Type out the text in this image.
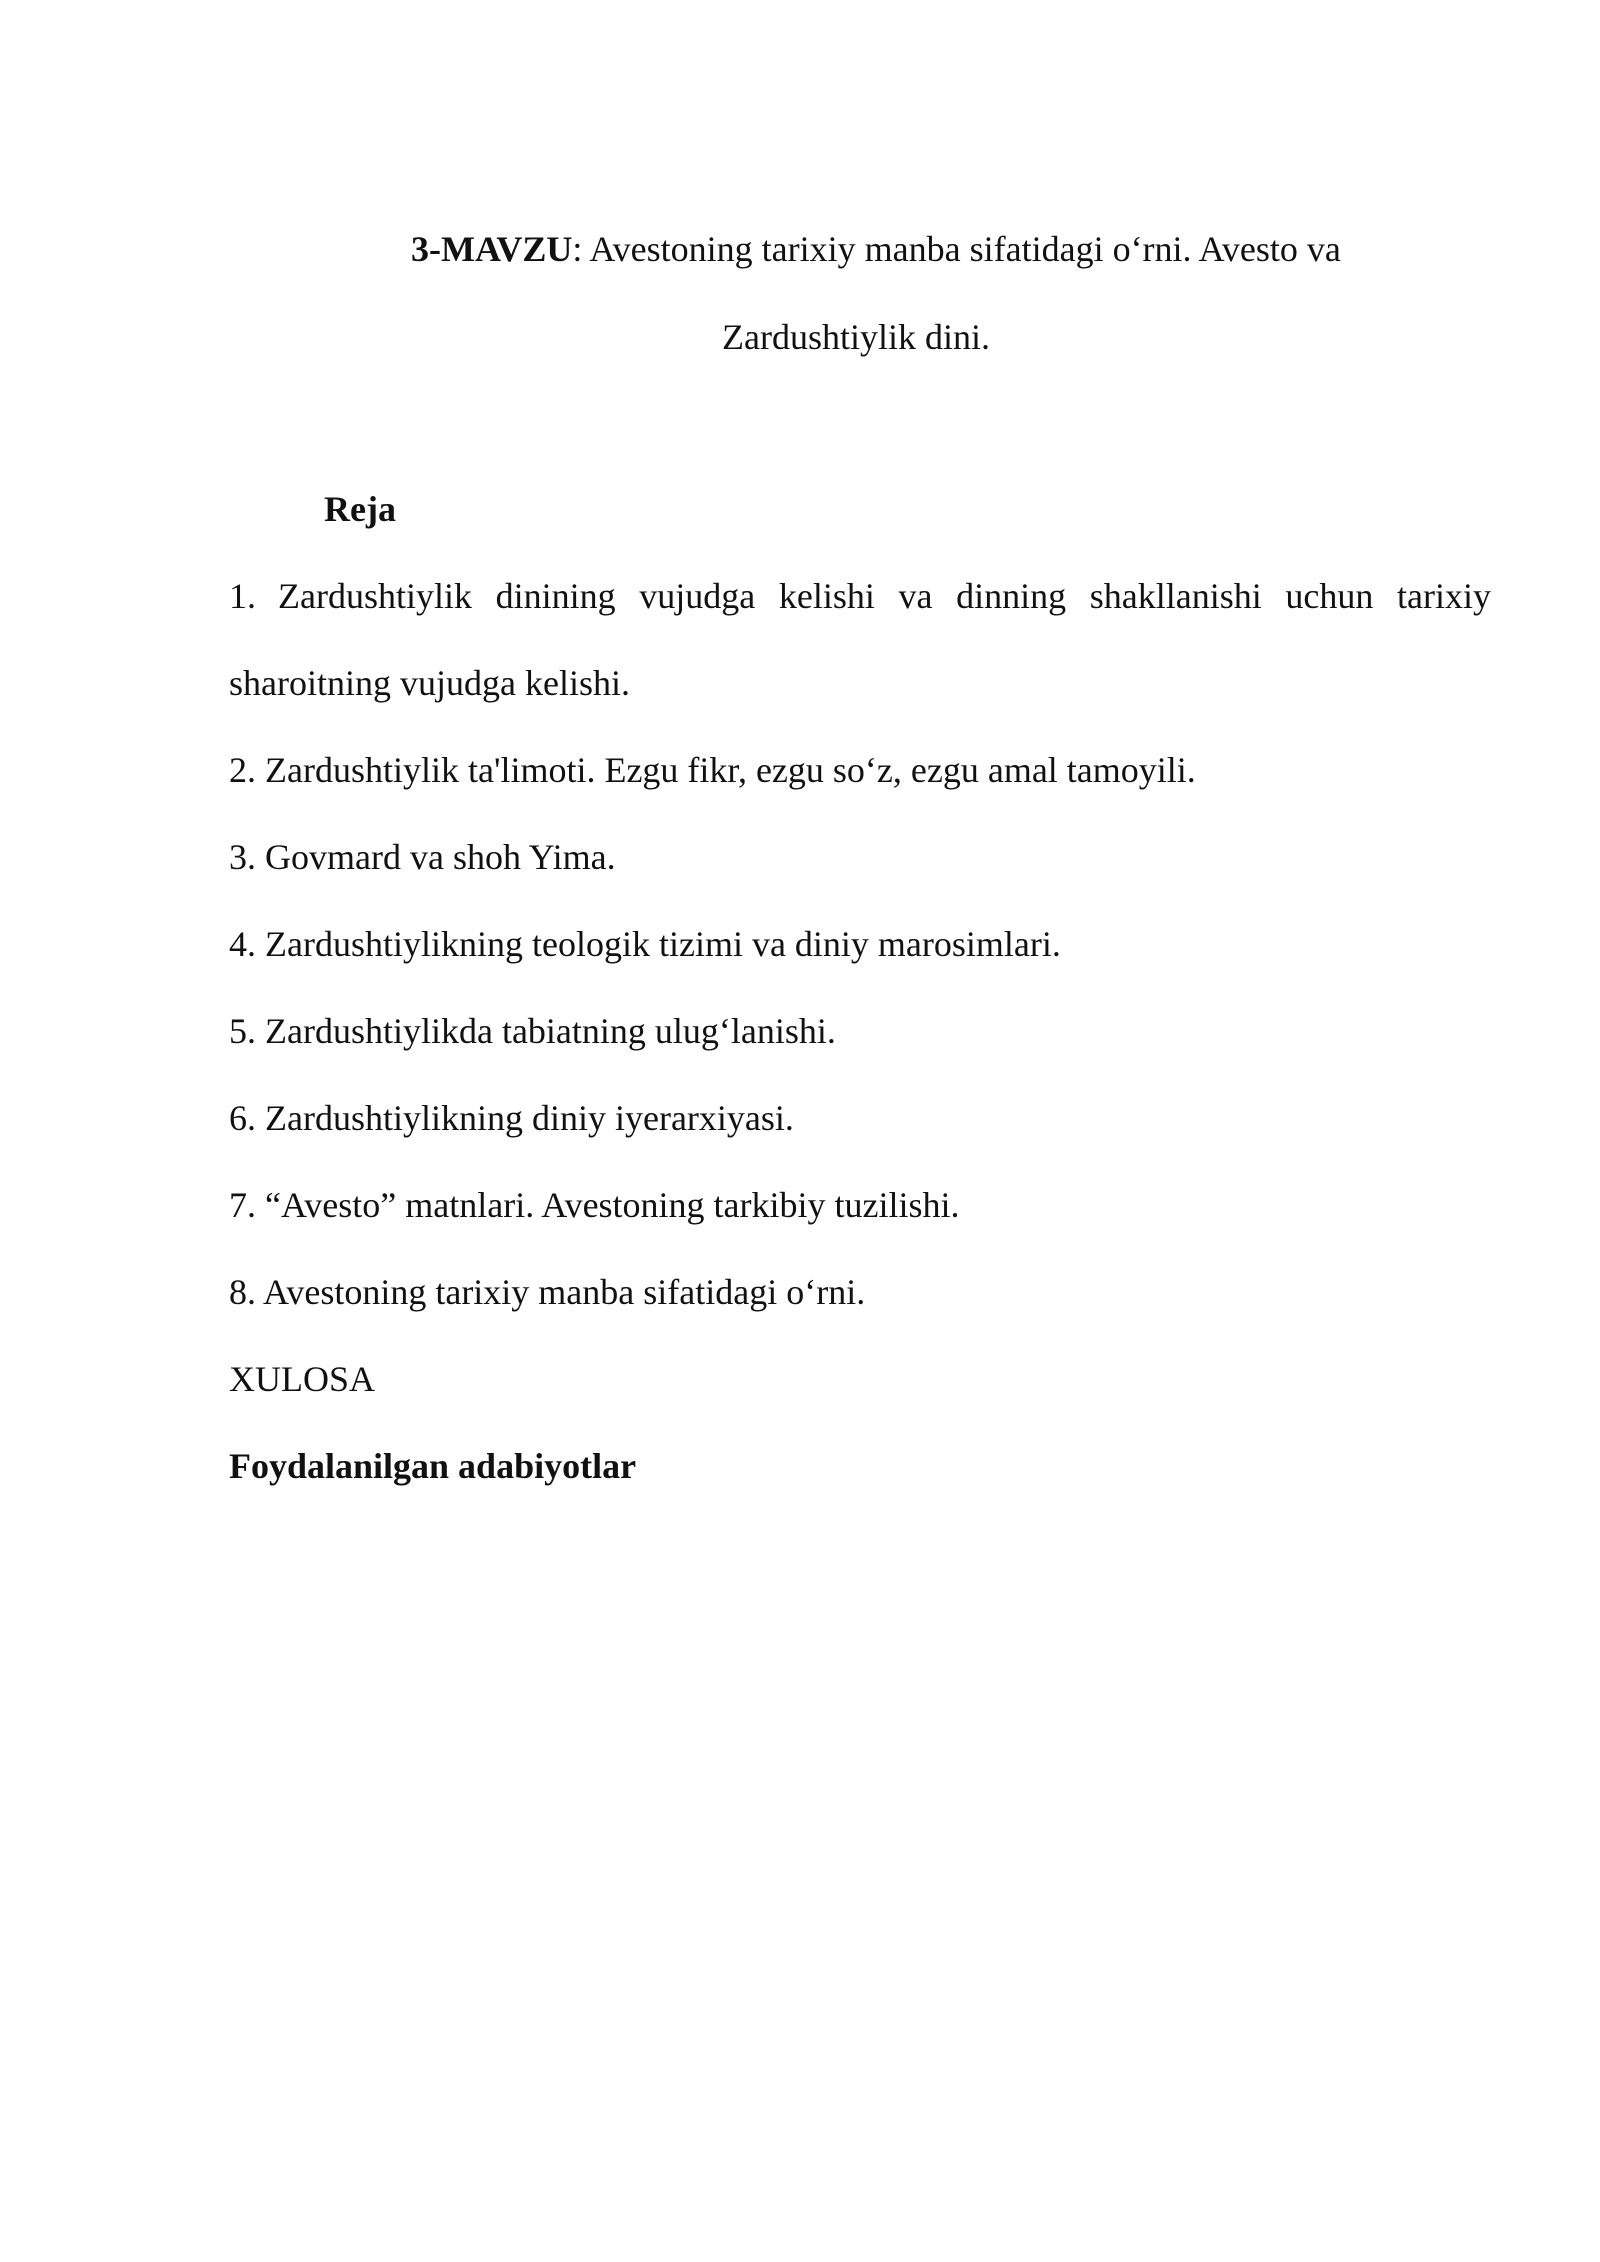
3-MAVZU: Avestoning tarixiy manba sifatidagi o‘rni. Avesto va
Zardushtiylik dini.
Reja
1. Zardushtiylik dinining vujudga kelishi va dinning shakllanishi uchun tarixiy
sharoitning vujudga kelishi.
2. Zardushtiylik ta'limoti. Ezgu fikr, ezgu so‘z, ezgu amal tamoyili.
3. Govmard va shoh Yima.
4. Zardushtiylikning teologik tizimi va diniy marosimlari.
5. Zardushtiylikda tabiatning ulug‘lanishi.
6. Zardushtiylikning diniy iyerarxiyasi.
7. “Avesto” matnlari. Avestoning tarkibiy tuzilishi.
8. Avestoning tarixiy manba sifatidagi o‘rni.
XULOSA
Foydalanilgan adabiyotlar
